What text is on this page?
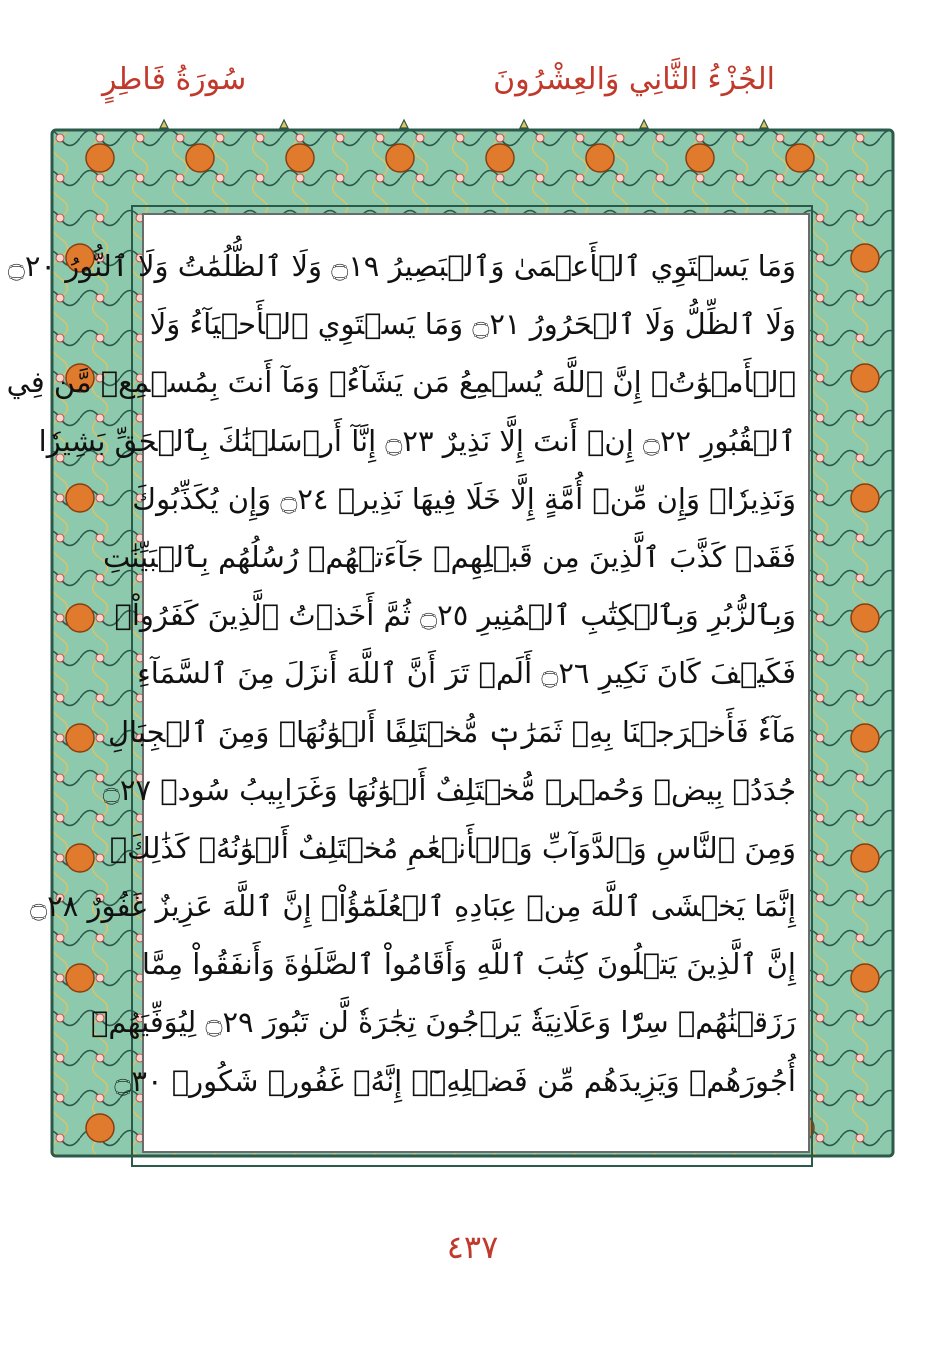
الجُزْءُ الثَّانِي وَالعِشْرُونَ
سُورَةُ فَاطِرٍ
وَمَا يَسۡتَوِي ٱلۡأَعۡمَىٰ وَٱلۡبَصِيرُ ۝١٩ وَلَا ٱلظُّلُمَٰتُ وَلَا ٱلنُّورُ ۝٢٠
وَلَا ٱلظِّلُّ وَلَا ٱلۡحَرُورُ ۝٢١ وَمَا يَسۡتَوِي ٱلۡأَحۡيَآءُ وَلَا
ٱلۡأَمۡوَٰتُۚ إِنَّ ٱللَّهَ يُسۡمِعُ مَن يَشَآءُۖ وَمَآ أَنتَ بِمُسۡمِعٖ مَّن فِي
ٱلۡقُبُورِ ۝٢٢ إِنۡ أَنتَ إِلَّا نَذِيرٌ ۝٢٣ إِنَّآ أَرۡسَلۡنَٰكَ بِٱلۡحَقِّ بَشِيرٗا
وَنَذِيرٗاۚ وَإِن مِّنۡ أُمَّةٍ إِلَّا خَلَا فِيهَا نَذِيرٞ ۝٢٤ وَإِن يُكَذِّبُوكَ
فَقَدۡ كَذَّبَ ٱلَّذِينَ مِن قَبۡلِهِمۡ جَآءَتۡهُمۡ رُسُلُهُم بِٱلۡبَيِّنَٰتِ
وَبِٱلزُّبُرِ وَبِٱلۡكِتَٰبِ ٱلۡمُنِيرِ ۝٢٥ ثُمَّ أَخَذۡتُ ٱلَّذِينَ كَفَرُواْۖ
فَكَيۡفَ كَانَ نَكِيرِ ۝٢٦ أَلَمۡ تَرَ أَنَّ ٱللَّهَ أَنزَلَ مِنَ ٱلسَّمَآءِ
مَآءٗ فَأَخۡرَجۡنَا بِهِۦ ثَمَرَٰتٖ مُّخۡتَلِفًا أَلۡوَٰنُهَاۚ وَمِنَ ٱلۡجِبَالِ
جُدَدُۢ بِيضٞ وَحُمۡرٞ مُّخۡتَلِفٌ أَلۡوَٰنُهَا وَغَرَابِيبُ سُودٞ ۝٢٧
وَمِنَ ٱلنَّاسِ وَٱلدَّوَآبِّ وَٱلۡأَنۡعَٰمِ مُخۡتَلِفٌ أَلۡوَٰنُهُۥ كَذَٰلِكَۗ
إِنَّمَا يَخۡشَى ٱللَّهَ مِنۡ عِبَادِهِ ٱلۡعُلَمَٰٓؤُاْۗ إِنَّ ٱللَّهَ عَزِيزٌ غَفُورٌ ۝٢٨
إِنَّ ٱلَّذِينَ يَتۡلُونَ كِتَٰبَ ٱللَّهِ وَأَقَامُواْ ٱلصَّلَوٰةَ وَأَنفَقُواْ مِمَّا
رَزَقۡنَٰهُمۡ سِرّٗا وَعَلَانِيَةٗ يَرۡجُونَ تِجَٰرَةٗ لَّن تَبُورَ ۝٢٩ لِيُوَفِّيَهُمۡ
أُجُورَهُمۡ وَيَزِيدَهُم مِّن فَضۡلِهِۦٓۚ إِنَّهُۥ غَفُورٞ شَكُورٞ ۝٣٠
٤٣٧
